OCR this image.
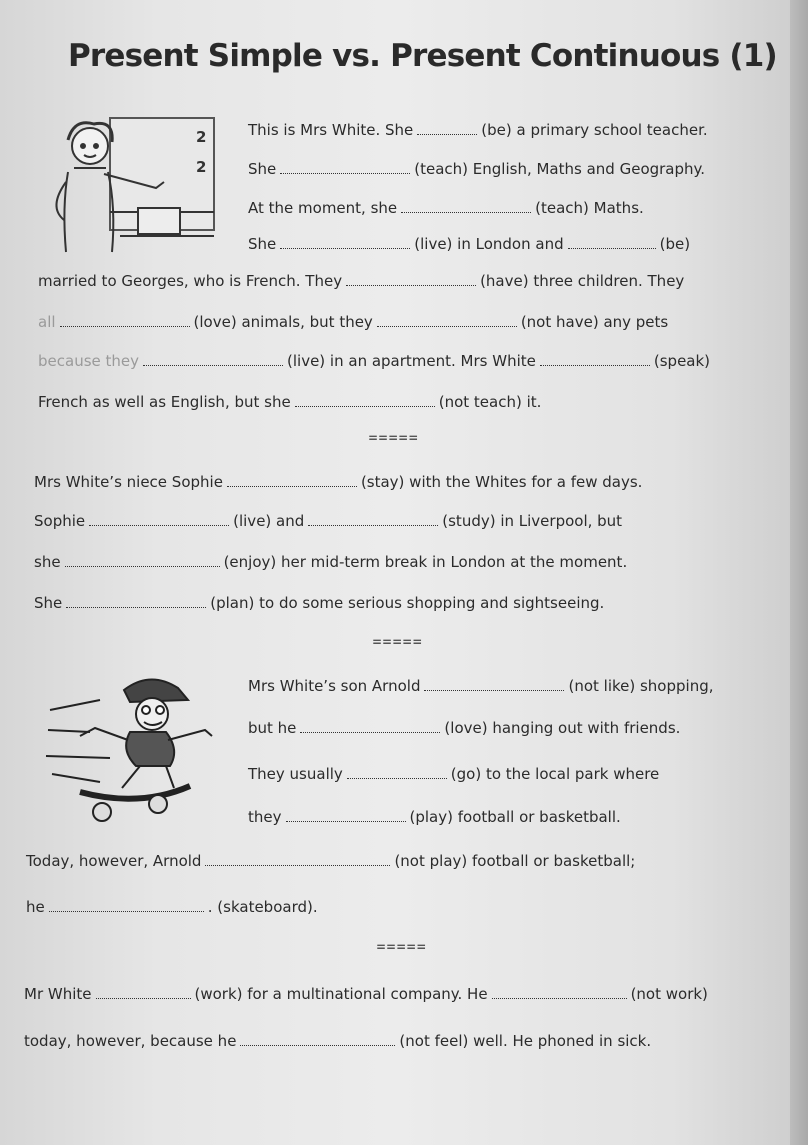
Present Simple vs. Present Continuous (1)
2
2
This is Mrs White. She	(be) a primary school teacher.
She	(teach) English, Maths and Geography.
At the moment, she	(teach) Maths.
She	(live) in London and	(be)
married to Georges, who is French. They	(have) three children. They
all	(love) animals, but they	(not have) any pets
because they	(live) in an apartment. Mrs White	(speak)
French as well as English, but she	(not teach) it.
=====
Mrs White’s niece Sophie	(stay) with the Whites for a few days.
Sophie	(live) and	(study) in Liverpool, but
she	(enjoy) her mid-term break in London at the moment.
She	(plan) to do some serious shopping and sightseeing.
=====
Mrs White’s son Arnold	(not like) shopping,
but he	(love) hanging out with friends.
They usually	(go) to the local park where
they	(play) football or basketball.
Today, however, Arnold	(not play) football or basketball;
he	. (skateboard).
=====
Mr White	(work) for a multinational company. He	(not work)
today, however, because he	(not feel) well. He phoned in sick.
